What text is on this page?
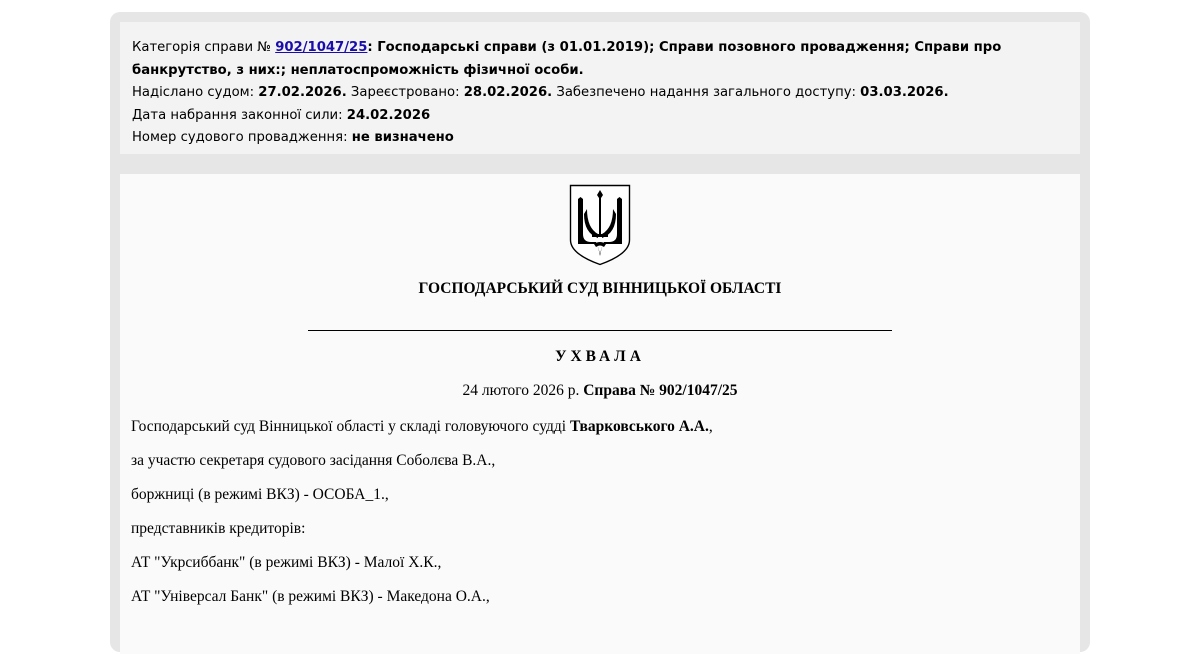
Категорія справи № 902/1047/25: Господарські справи (з 01.01.2019); Справи позовного провадження; Справи про банкрутство, з них:; неплатоспроможність фізичної особи.

Надіслано судом: 27.02.2026. Зареєстровано: 28.02.2026. Забезпечено надання загального доступу: 03.03.2026.

Дата набрання законної сили: 24.02.2026

Номер судового провадження: не визначено

ГОСПОДАРСЬКИЙ СУД ВІННИЦЬКОЇ ОБЛАСТІ

УХВАЛА

24 лютого 2026 р. Справа № 902/1047/25

Господарський суд Вінницької області у складі головуючого судді Тварковського А.А.,
за участю секретаря судового засідання Соболєва В.А.,
боржниці (в режимі ВКЗ) - ОСОБА_1.,
представників кредиторів:
АТ "Укрсиббанк" (в режимі ВКЗ) - Малої Х.К.,
АТ "Універсал Банк" (в режимі ВКЗ) - Македона О.А.,
